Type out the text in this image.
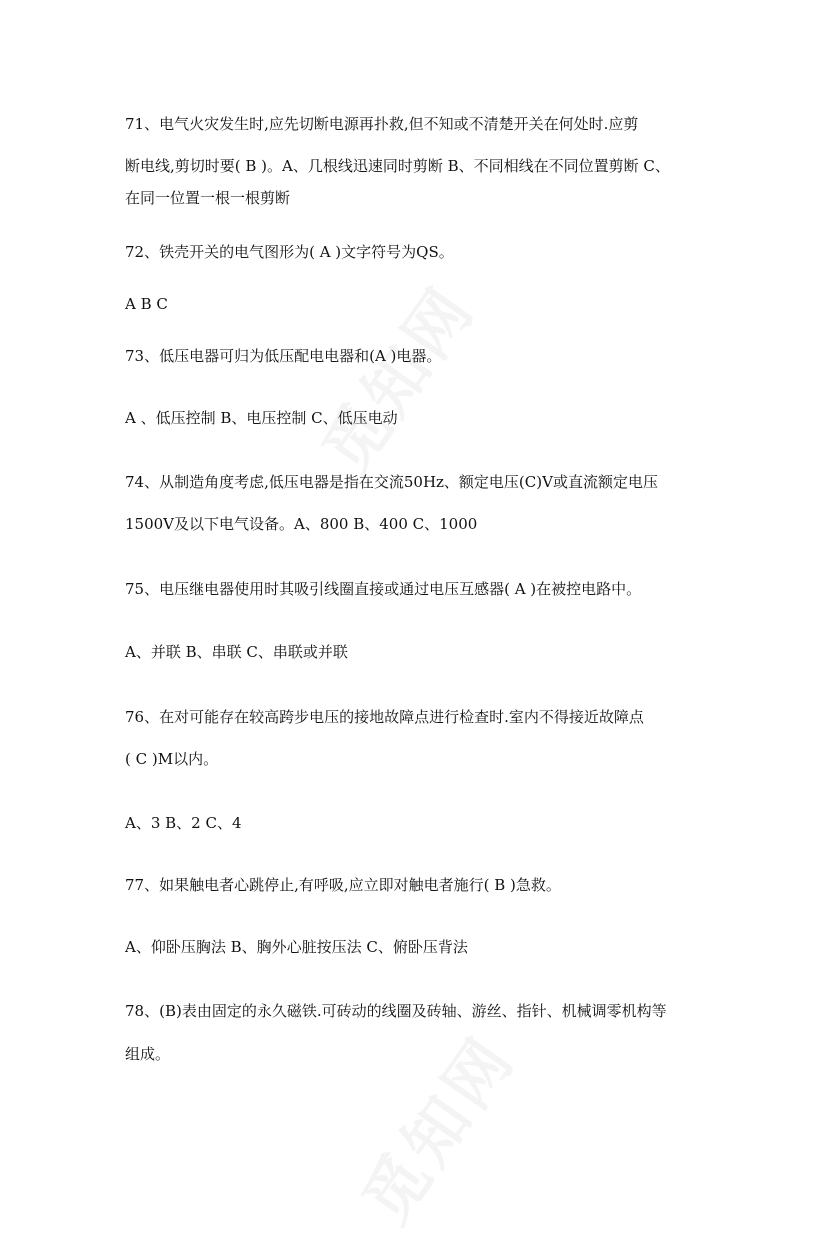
71、电气火灾发生时,应先切断电源再扑救,但不知或不清楚开关在何处时.应剪
断电线,剪切时要( B )。A、几根线迅速同时剪断 B、不同相线在不同位置剪断 C、
在同一位置一根一根剪断
72、铁壳开关的电气图形为( A )文字符号为QS。
A B C
73、低压电器可归为低压配电电器和(A )电器。
A 、低压控制 B、电压控制 C、低压电动
74、从制造角度考虑,低压电器是指在交流50Hz、额定电压(C)V或直流额定电压
1500V及以下电气设备。A、800 B、400 C、1000
75、电压继电器使用时其吸引线圈直接或通过电压互感器( A )在被控电路中。
A、并联 B、串联 C、串联或并联
76、在对可能存在较高跨步电压的接地故障点进行检查时.室内不得接近故障点
( C )M以内。
A、3 B、2 C、4
77、如果触电者心跳停止,有呼吸,应立即对触电者施行( B )急救。
A、仰卧压胸法 B、胸外心脏按压法 C、俯卧压背法
78、(B)表由固定的永久磁铁.可砖动的线圈及砖轴、游丝、指针、机械调零机构等
组成。
